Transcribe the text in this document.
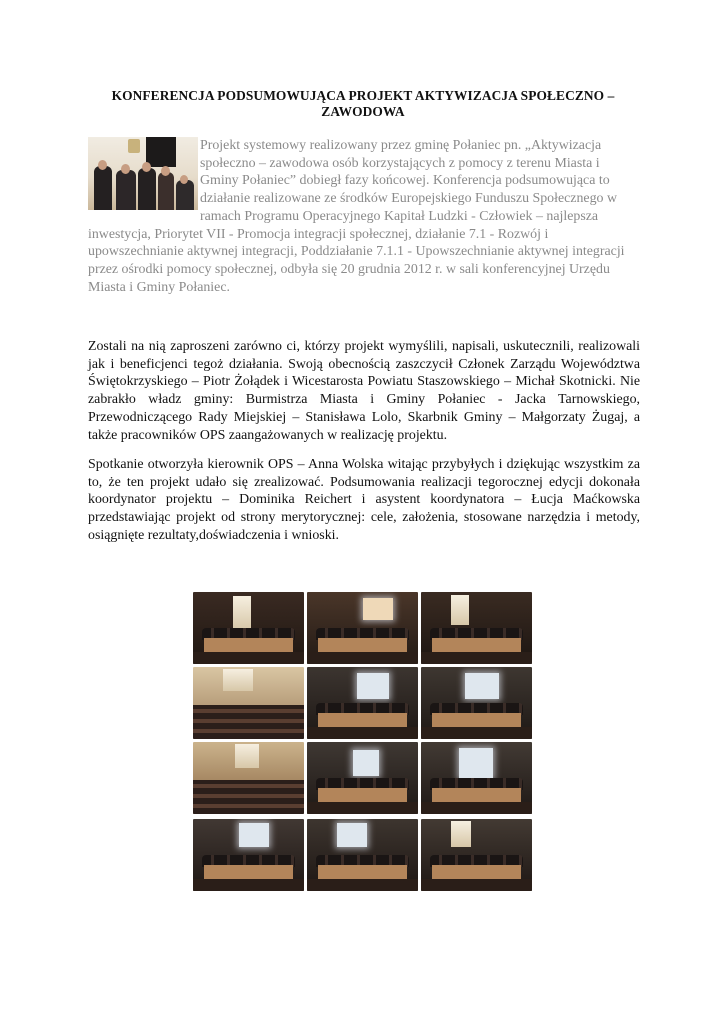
KONFERENCJA PODSUMOWUJĄCA PROJEKT AKTYWIZACJA SPOŁECZNO – ZAWODOWA
Projekt systemowy realizowany przez gminę Połaniec pn. „Aktywizacja społeczno – zawodowa osób korzystających z pomocy z terenu Miasta i Gminy Połaniec” dobiegł fazy końcowej. Konferencja podsumowująca to działanie realizowane ze środków Europejskiego Funduszu Społecznego w ramach Programu Operacyjnego Kapitał Ludzki - Człowiek – najlepsza inwestycja, Priorytet VII - Promocja integracji społecznej, działanie 7.1 - Rozwój i upowszechnianie aktywnej integracji, Poddziałanie 7.1.1 - Upowszechnianie aktywnej integracji przez ośrodki pomocy społecznej, odbyła się 20 grudnia 2012 r. w sali konferencyjnej Urzędu Miasta i Gminy Połaniec.
Zostali na nią zaproszeni zarówno ci, którzy projekt wymyślili, napisali, uskutecznili, realizowali jak i beneficjenci tegoż działania. Swoją obecnością zaszczycił Członek Zarządu Województwa Świętokrzyskiego – Piotr Żołądek i Wicestarosta Powiatu Staszowskiego – Michał Skotnicki. Nie zabrakło władz gminy: Burmistrza Miasta i Gminy Połaniec - Jacka Tarnowskiego, Przewodniczącego Rady Miejskiej – Stanisława Lolo, Skarbnik Gminy – Małgorzaty Żugaj, a także pracowników OPS zaangażowanych w realizację projektu.
Spotkanie otworzyła kierownik OPS – Anna Wolska witając przybyłych i dziękując wszystkim za to, że ten projekt udało się zrealizować. Podsumowania realizacji tegorocznej edycji dokonała koordynator projektu – Dominika Reichert i asystent koordynatora – Łucja Maćkowska przedstawiając projekt od strony merytorycznej: cele, założenia, stosowane narzędzia i metody, osiągnięte rezultaty,doświadczenia i wnioski.
